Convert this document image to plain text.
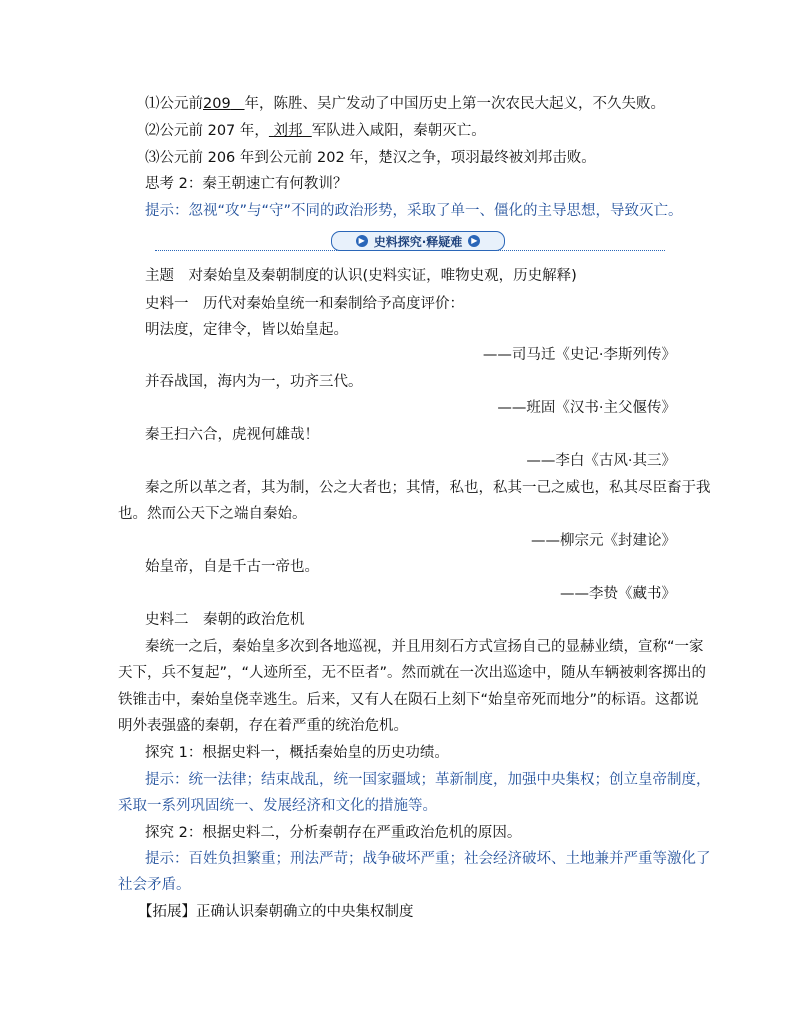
⑴公元前209 年，陈胜、吴广发动了中国历史上第一次农民大起义，不久失败。
⑵公元前 207 年， 刘邦 军队进入咸阳，秦朝灭亡。
⑶公元前 206 年到公元前 202 年，楚汉之争，项羽最终被刘邦击败。
思考 2：秦王朝速亡有何教训？
提示：忽视“攻”与“守”不同的政治形势，采取了单一、僵化的主导思想，导致灭亡。
▶ 史料探究·释疑难	▶
主题　对秦始皇及秦朝制度的认识(史料实证，唯物史观，历史解释)
史料一　历代对秦始皇统一和秦制给予高度评价：
明法度，定律令，皆以始皇起。
——司马迁《史记·李斯列传》
并吞战国，海内为一，功齐三代。
——班固《汉书·主父偃传》
秦王扫六合，虎视何雄哉！
——李白《古风·其三》
秦之所以革之者，其为制，公之大者也；其情，私也，私其一己之威也，私其尽臣畜于我
也。然而公天下之端自秦始。
——柳宗元《封建论》
始皇帝，自是千古一帝也。
——李贽《藏书》
史料二　秦朝的政治危机
秦统一之后，秦始皇多次到各地巡视，并且用刻石方式宣扬自己的显赫业绩，宣称“一家
天下，兵不复起”，“人迹所至，无不臣者”。然而就在一次出巡途中，随从车辆被刺客掷出的
铁锥击中，秦始皇侥幸逃生。后来，又有人在陨石上刻下“始皇帝死而地分”的标语。这都说
明外表强盛的秦朝，存在着严重的统治危机。
探究 1：根据史料一，概括秦始皇的历史功绩。
提示：统一法律；结束战乱，统一国家疆域；革新制度，加强中央集权；创立皇帝制度，
采取一系列巩固统一、发展经济和文化的措施等。
探究 2：根据史料二，分析秦朝存在严重政治危机的原因。
提示：百姓负担繁重；刑法严苛；战争破坏严重；社会经济破坏、土地兼并严重等激化了
社会矛盾。
【拓展】正确认识秦朝确立的中央集权制度
